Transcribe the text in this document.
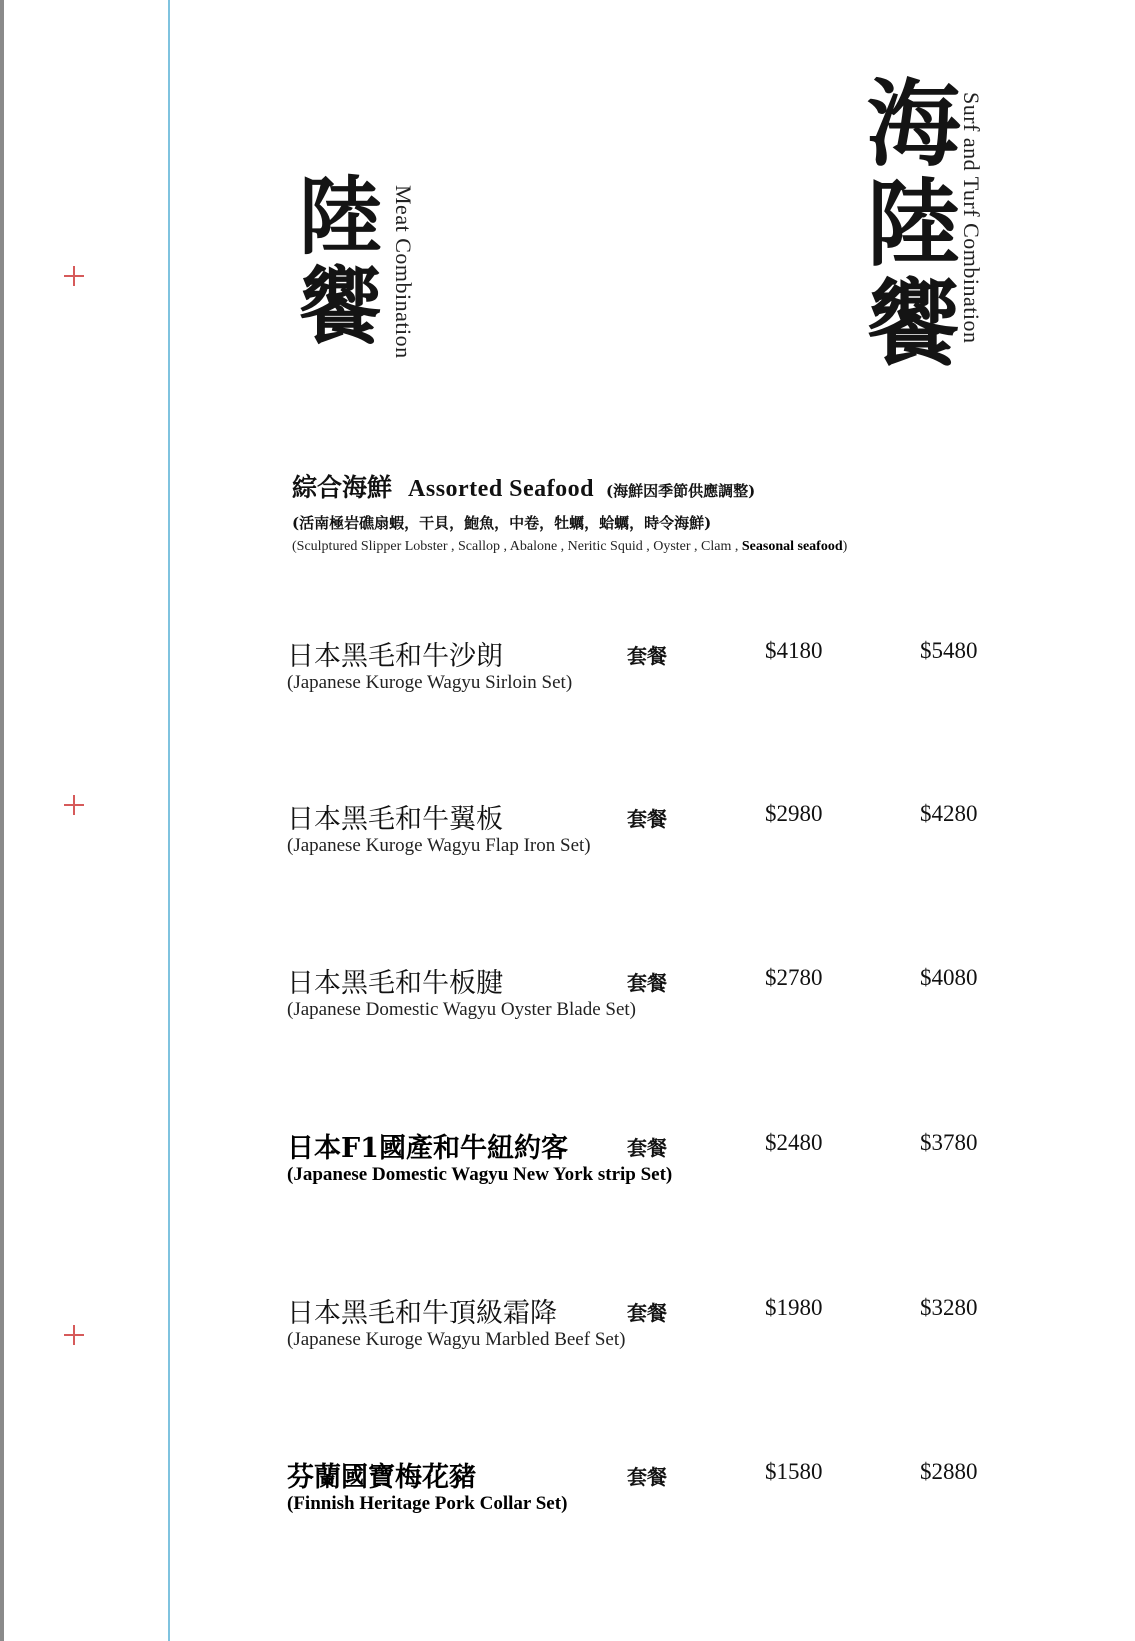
陸饗 Meat Combination	海陸饗 Surf and Turf Combination
綜合海鮮 Assorted Seafood (海鮮因季節供應調整)
(活南極岩礁扇蝦，干貝，鮑魚，中卷，牡蠣，蛤蠣，時令海鮮)
(Sculptured Slipper Lobster , Scallop , Abalone , Neritic Squid , Oyster , Clam , Seasonal seafood)
日本黑毛和牛沙朗
(Japanese Kuroge Wagyu Sirloin Set)
套餐	$4180	$5480
日本黑毛和牛翼板
(Japanese Kuroge Wagyu Flap Iron Set)
套餐	$2980	$4280
日本黑毛和牛板腱
(Japanese Domestic Wagyu Oyster Blade Set)
套餐	$2780	$4080
日本F1國產和牛紐約客
(Japanese Domestic Wagyu New York strip Set)
套餐	$2480	$3780
日本黑毛和牛頂級霜降
(Japanese Kuroge Wagyu Marbled Beef Set)
套餐	$1980	$3280
芬蘭國寶梅花豬
(Finnish Heritage Pork Collar Set)
套餐	$1580	$2880
